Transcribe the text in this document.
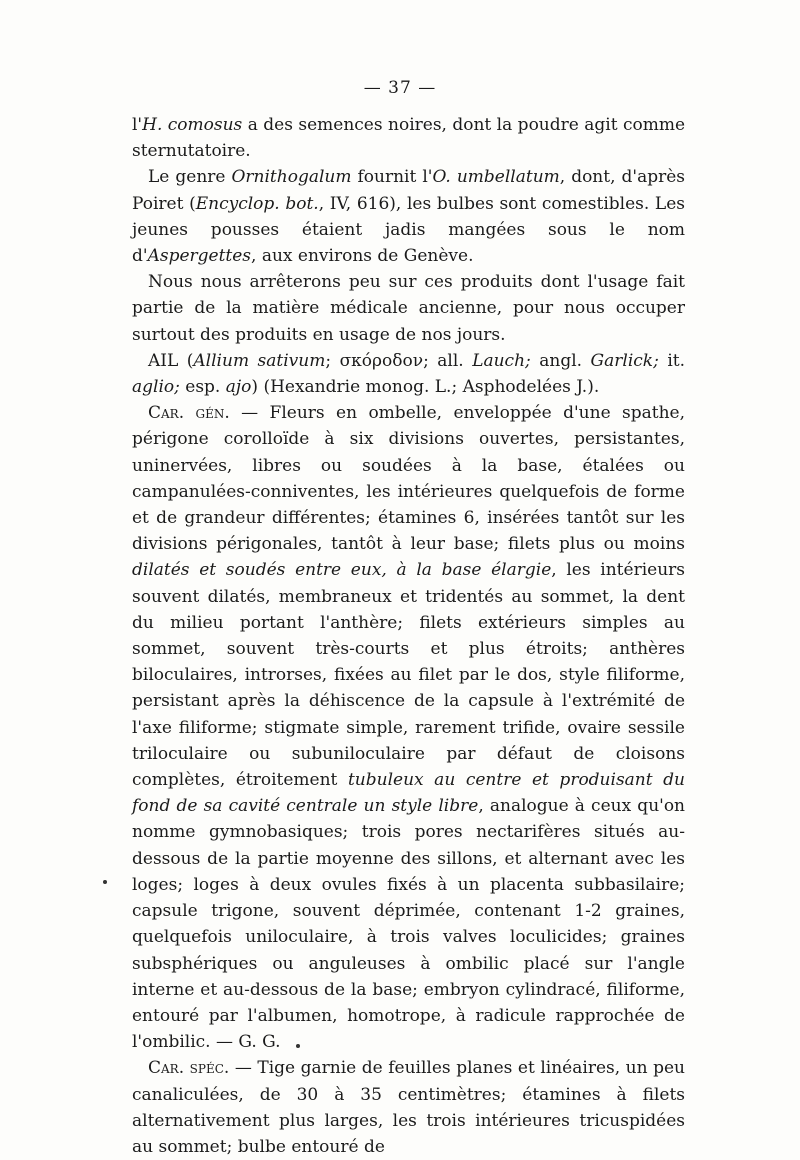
— 37 —

l'H. comosus a des semences noires, dont la poudre agit comme sternutatoire.

Le genre Ornithogalum fournit l'O. umbellatum, dont, d'après Poiret (Encyclop. bot., IV, 616), les bulbes sont comestibles. Les jeunes pousses étaient jadis mangées sous le nom d'Aspergettes, aux environs de Genève.

Nous nous arrêterons peu sur ces produits dont l'usage fait partie de la matière médicale ancienne, pour nous occuper surtout des produits en usage de nos jours.

AIL (Allium sativum; σκόροδον; all. Lauch; angl. Garlick; it. aglio; esp. ajo) (Hexandrie monog. L.; Asphodelées J.).

Car. gén. — Fleurs en ombelle, enveloppée d'une spathe, périgone corolloïde à six divisions ouvertes, persistantes, uninervées, libres ou soudées à la base, étalées ou campanulées-conniventes, les intérieures quelquefois de forme et de grandeur différentes; étamines 6, insérées tantôt sur les divisions périgonales, tantôt à leur base; filets plus ou moins dilatés et soudés entre eux, à la base élargie, les intérieurs souvent dilatés, membraneux et tridentés au sommet, la dent du milieu portant l'anthère; filets extérieurs simples au sommet, souvent très-courts et plus étroits; anthères biloculaires, introrses, fixées au filet par le dos, style filiforme, persistant après la déhiscence de la capsule à l'extrémité de l'axe filiforme; stigmate simple, rarement trifide, ovaire sessile triloculaire ou subuniloculaire par défaut de cloisons complètes, étroitement tubuleux au centre et produisant du fond de sa cavité centrale un style libre, analogue à ceux qu'on nomme gymnobasiques; trois pores nectarifères situés au-dessous de la partie moyenne des sillons, et alternant avec les loges; loges à deux ovules fixés à un placenta subbasilaire; capsule trigone, souvent déprimée, contenant 1-2 graines, quelquefois uniloculaire, à trois valves loculicides; graines subsphériques ou anguleuses à ombilic placé sur l'angle interne et au-dessous de la base; embryon cylindracé, filiforme, entouré par l'albumen, homotrope, à radicule rapprochée de l'ombilic. — G. G.

Car. spéc. — Tige garnie de feuilles planes et linéaires, un peu canaliculées, de 30 à 35 centimètres; étamines à filets alternativement plus larges, les trois intérieures tricuspidées au sommet; bulbe entouré de
